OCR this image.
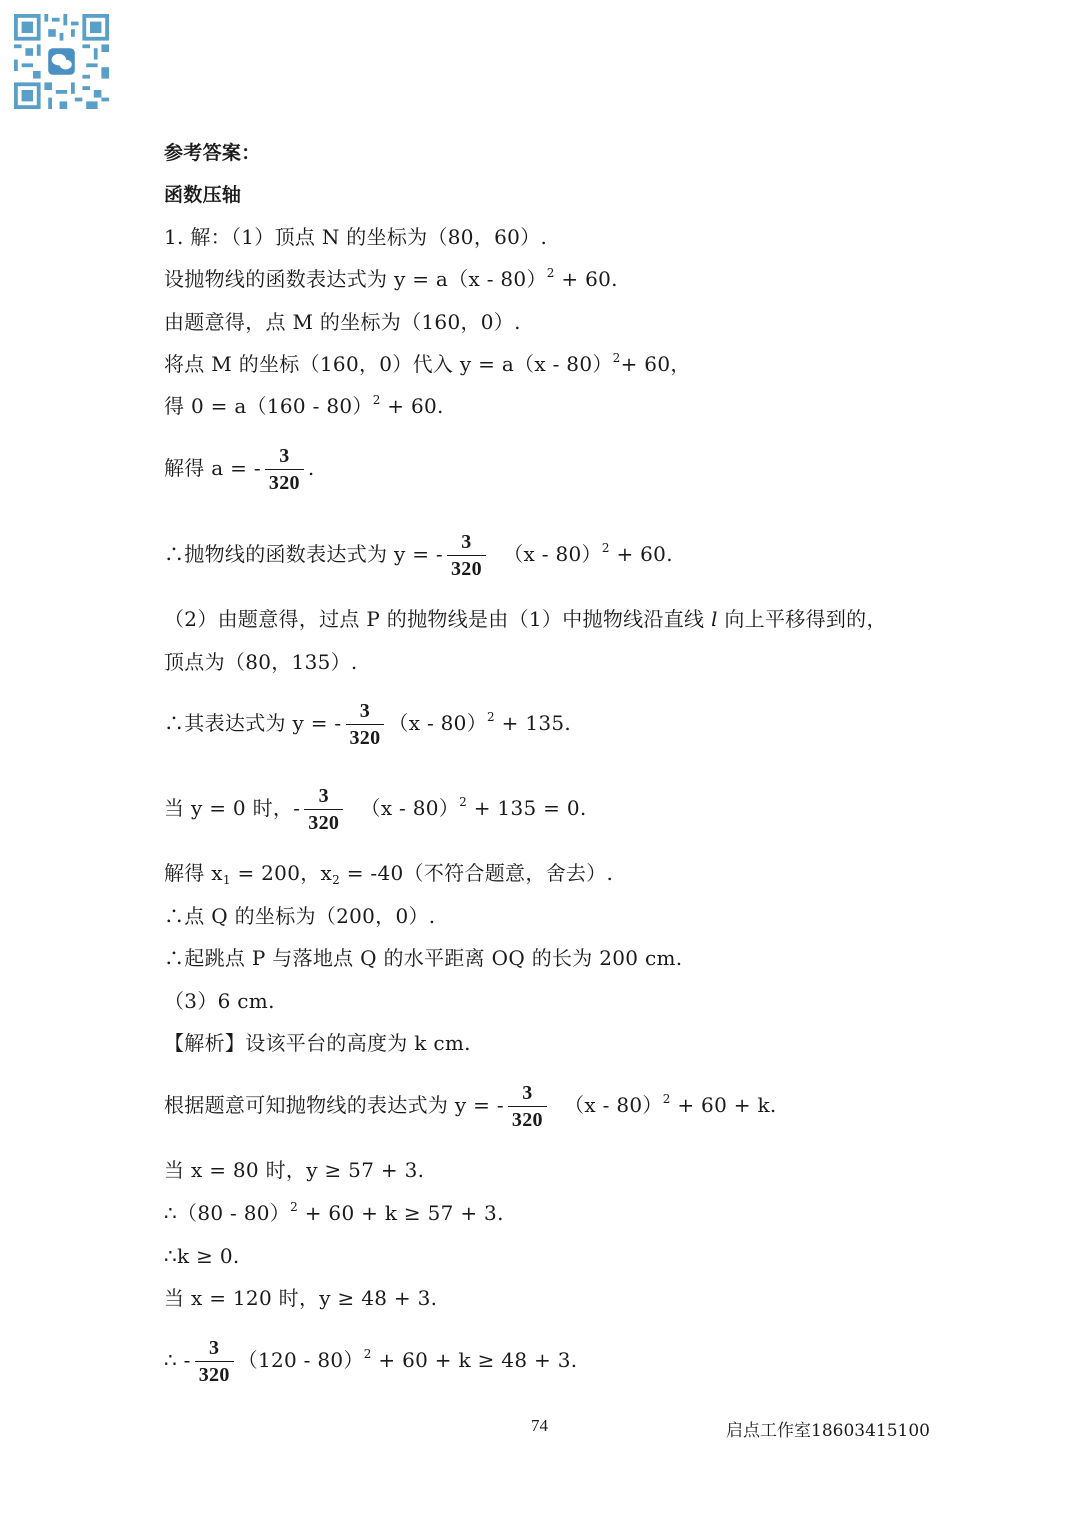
参考答案：
函数压轴
1. 解：（1）顶点 N 的坐标为（80，60）.
设抛物线的函数表达式为 y = a（x - 80）$^2$ + 60.
由题意得，点 M 的坐标为（160，0）.
将点 M 的坐标（160，0）代入 y = a（x - 80）$^2$+ 60，
得 0 = a（160 - 80）$^2$ + 60.
解得 a = - $\frac{3}{320}$ .
∴抛物线的函数表达式为 y = - $\frac{3}{320} (x - 80)^2 + 60$.
（2）由题意得，过点 P 的抛物线是由（1）中抛物线沿直线 l 向上平移得到的，
顶点为（80，135）.
∴其表达式为 y = - $\frac{3}{320} (x - 80)^2 + 135$.
当 y = 0 时，- $\frac{3}{320} (x - 80)^2 + 135 = 0$.
解得 $x_1 = 200$，$x_2 = -40$（不符合题意，舍去）.
∴点 Q 的坐标为（200，0）.
∴起跳点 P 与落地点 Q 的水平距离 OQ 的长为 200 cm.
（3）6 cm.
【解析】设该平台的高度为 k cm.
根据题意可知抛物线的表达式为 y = - $\frac{3}{320} (x - 80)^2 + 60 + k$.
当 x = 80 时，y ≥ 57 + 3.
∴（80 - 80）$^2$ + 60 + k ≥ 57 + 3.
∴k ≥ 0.
当 x = 120 时，y ≥ 48 + 3.
∴ - $\frac{3}{320} (120 - 80)^2 + 60 + k \ge 48 + 3$.
74	启点工作室18603415100
